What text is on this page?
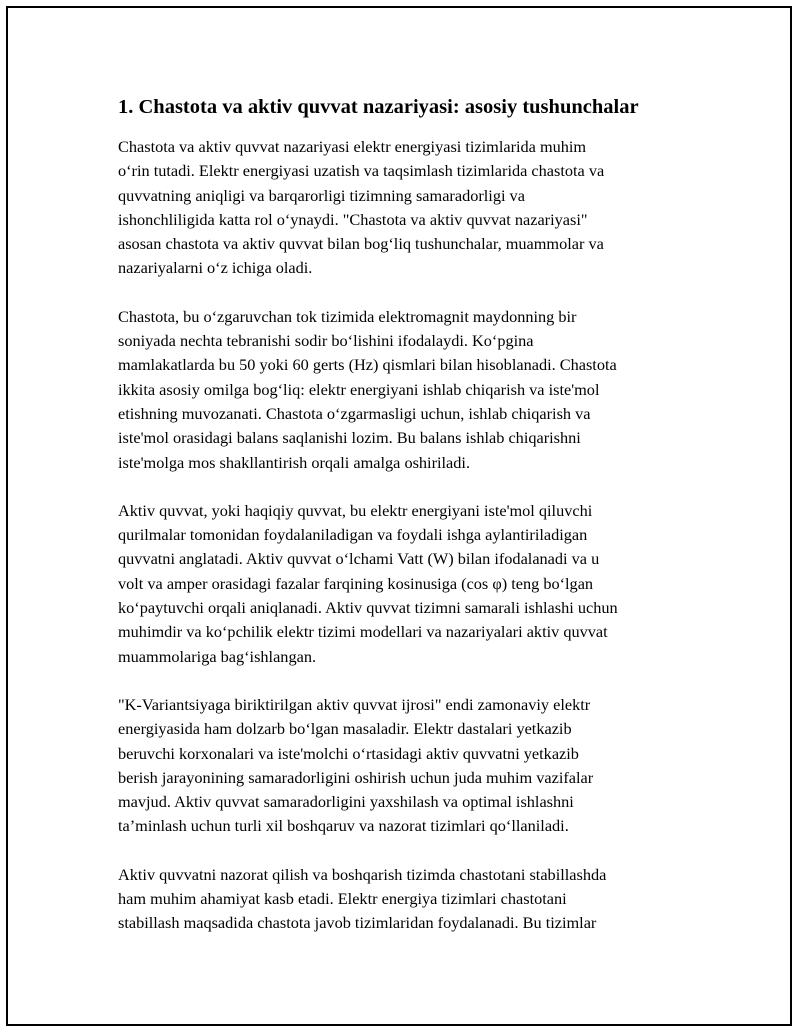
1. Chastota va aktiv quvvat nazariyasi: asosiy tushunchalar
Chastota va aktiv quvvat nazariyasi elektr energiyasi tizimlarida muhim
o‘rin tutadi. Elektr energiyasi uzatish va taqsimlash tizimlarida chastota va
quvvatning aniqligi va barqarorligi tizimning samaradorligi va
ishonchliligida katta rol o‘ynaydi. "Chastota va aktiv quvvat nazariyasi"
asosan chastota va aktiv quvvat bilan bog‘liq tushunchalar, muammolar va
nazariyalarni o‘z ichiga oladi.
Chastota, bu o‘zgaruvchan tok tizimida elektromagnit maydonning bir
soniyada nechta tebranishi sodir bo‘lishini ifodalaydi. Ko‘pgina
mamlakatlarda bu 50 yoki 60 gerts (Hz) qismlari bilan hisoblanadi. Chastota
ikkita asosiy omilga bog‘liq: elektr energiyani ishlab chiqarish va iste'mol
etishning muvozanati. Chastota o‘zgarmasligi uchun, ishlab chiqarish va
iste'mol orasidagi balans saqlanishi lozim. Bu balans ishlab chiqarishni
iste'molga mos shakllantirish orqali amalga oshiriladi.
Aktiv quvvat, yoki haqiqiy quvvat, bu elektr energiyani iste'mol qiluvchi
qurilmalar tomonidan foydalaniladigan va foydali ishga aylantiriladigan
quvvatni anglatadi. Aktiv quvvat o‘lchami Vatt (W) bilan ifodalanadi va u
volt va amper orasidagi fazalar farqining kosinusiga (cos φ) teng bo‘lgan
ko‘paytuvchi orqali aniqlanadi. Aktiv quvvat tizimni samarali ishlashi uchun
muhimdir va ko‘pchilik elektr tizimi modellari va nazariyalari aktiv quvvat
muammolariga bag‘ishlangan.
"K-Variantsiyaga biriktirilgan aktiv quvvat ijrosi" endi zamonaviy elektr
energiyasida ham dolzarb bo‘lgan masaladir. Elektr dastalari yetkazib
beruvchi korxonalari va iste'molchi o‘rtasidagi aktiv quvvatni yetkazib
berish jarayonining samaradorligini oshirish uchun juda muhim vazifalar
mavjud. Aktiv quvvat samaradorligini yaxshilash va optimal ishlashni
ta’minlash uchun turli xil boshqaruv va nazorat tizimlari qo‘llaniladi.
Aktiv quvvatni nazorat qilish va boshqarish tizimda chastotani stabillashda
ham muhim ahamiyat kasb etadi. Elektr energiya tizimlari chastotani
stabillash maqsadida chastota javob tizimlaridan foydalanadi. Bu tizimlar
